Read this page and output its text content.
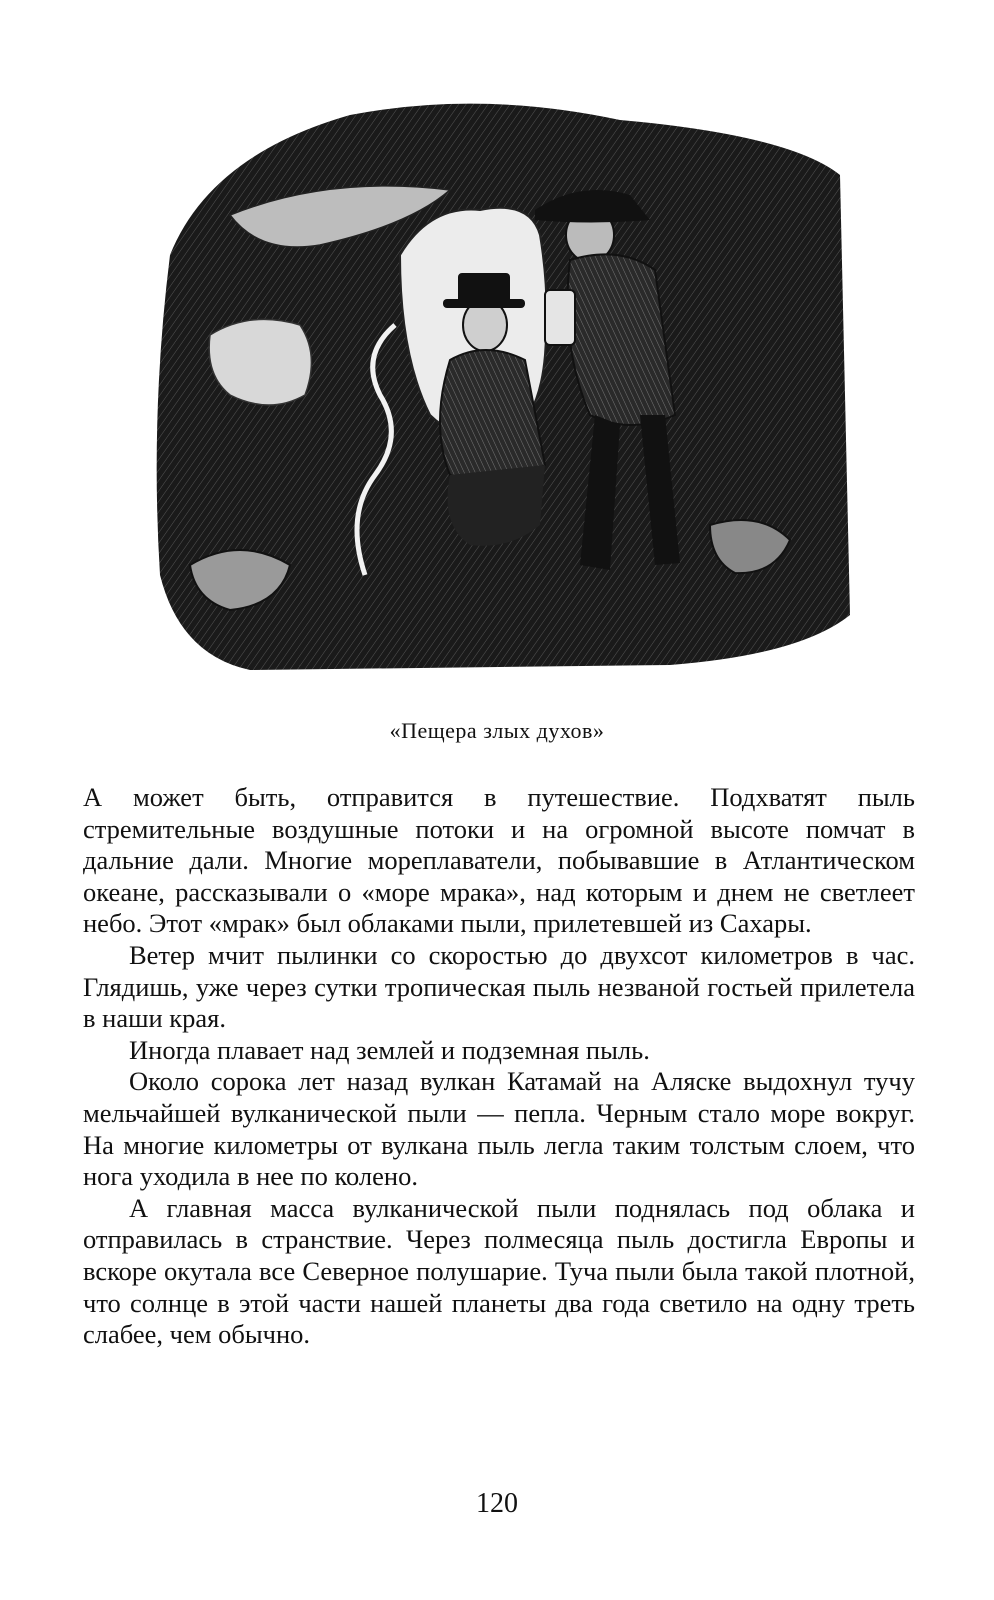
«Пещера злых духов»

А может быть, отправится в путешествие. Подхватят пыль стремительные воздушные потоки и на огромной высоте помчат в дальние дали. Многие мореплаватели, побывавшие в Атлантическом океане, рассказывали о «море мрака», над которым и днем не светлеет небо. Этот «мрак» был облаками пыли, прилетевшей из Сахары.

Ветер мчит пылинки со скоростью до двухсот километров в час. Глядишь, уже через сутки тропическая пыль незваной гостьей прилетела в наши края.

Иногда плавает над землей и подземная пыль.

Около сорока лет назад вулкан Катамай на Аляске выдохнул тучу мельчайшей вулканической пыли — пепла. Черным стало море вокруг. На многие километры от вулкана пыль легла таким толстым слоем, что нога уходила в нее по колено.

А главная масса вулканической пыли поднялась под облака и отправилась в странствие. Через полмесяца пыль достигла Европы и вскоре окутала все Северное полушарие. Туча пыли была такой плотной, что солнце в этой части нашей планеты два года светило на одну треть слабее, чем обычно.

120
